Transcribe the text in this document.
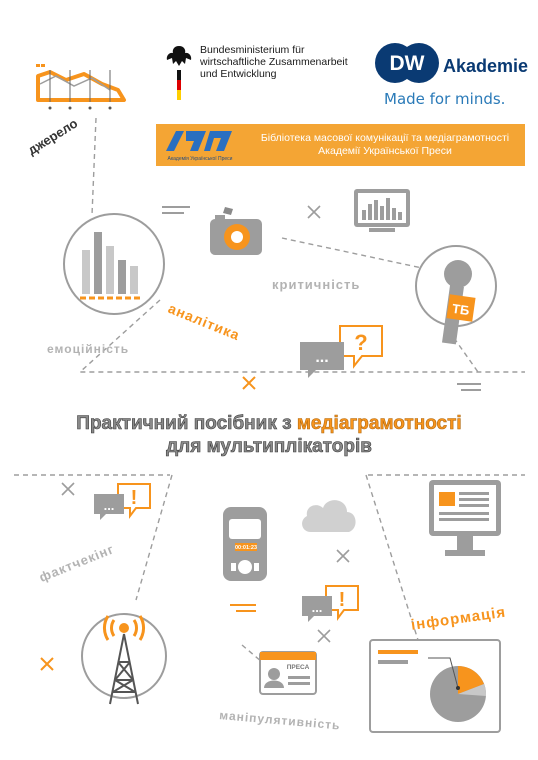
Bundesministerium für
wirtschaftliche Zusammenarbeit
und Entwicklung	DW Akademie
Made for minds.
Академія Української Преси
Бібліотека масової комунікації та медіаграмотності
Академії Української Преси
джерело
критичність
аналітика
емоційність
фактчекінг
інформація
маніпулятивність
ТБ
?
...
Практичний посібник з медіаграмотності
для мультиплікаторів
!
...
00:01:23
!
...
ПРЕСА
